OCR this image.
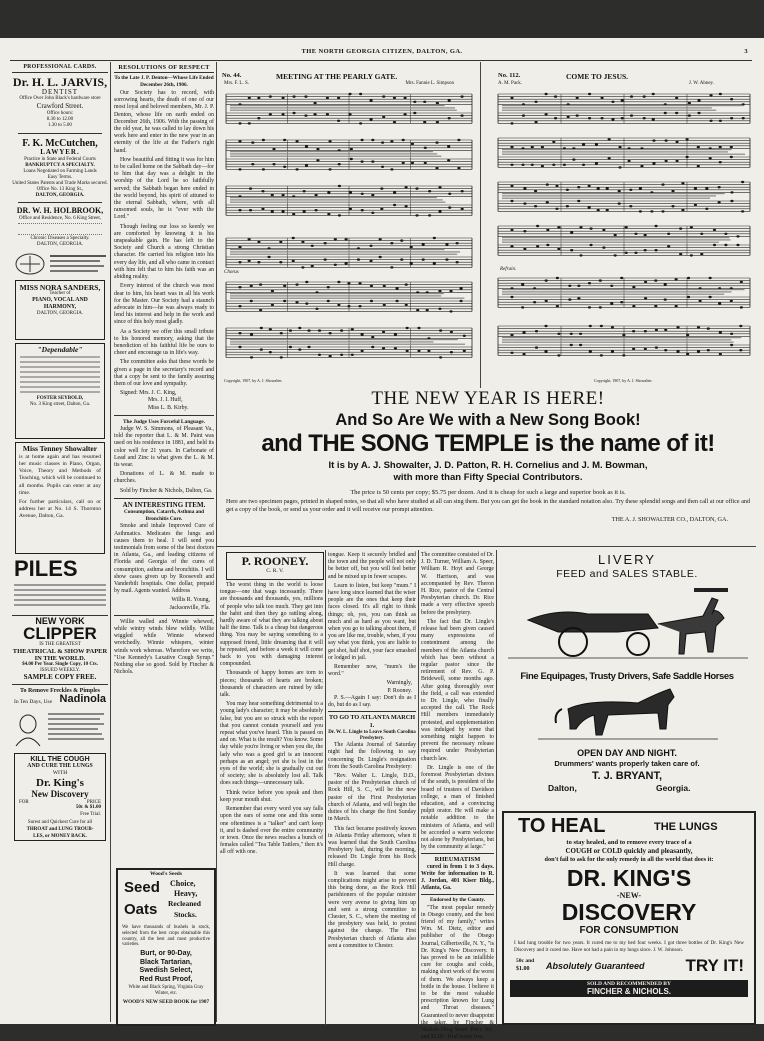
THE NORTH GEORGIA CITIZEN, DALTON, GA.	3
PROFESSIONAL CARDS.
Dr. H. L. JARVIS,
DENTIST
Office Over John Black's hardware store
Crawford Street.
Office hours:
8.30 to 12.00
1.30 to 5.00
F. K. McCutchen,
LAWYER.
Practice in State and Federal Courts
BANKRUPTCY A SPECIALTY.
Loans Negotiated on Farming Lands
Easy Terms.
United States Patents and Trade Marks secured.
Office No. 13 King St.,
DALTON, GEORGIA.
DR. W. H. HOLBROOK,
Office and Residence, No. 6 King Street,
Chronic Diseases a Specialty.
DALTON, GEORGIA.
MISS NORA SANDERS,
Teacher of
PIANO, VOCAL AND HARMONY,
DALTON, GEORGIA.
"Dependable"
FOSTER SEYBOLD,
No. 3 King street, Dalton, Ga.
Miss Tenney Showalter
is at home again and has resumed her music classes in Piano, Organ, Voice, Theory and Methods of Teaching, which will be continued to all months. Pupils can enter at any time.
For further particulars, call on or address her at No. 14 S. Thornton Avenue, Dalton, Ga.
PILES
NEW YORK
CLIPPER
IS THE GREATEST
THEATRICAL & SHOW PAPER
IN THE WORLD.
$4.00 Per Year. Single Copy, 10 Cts.
ISSUED WEEKLY.
SAMPLE COPY FREE.
To Remove Freckles & Pimples
In Ten Days, Use Nadinola
KILL THE COUGH
AND CURE THE LUNGS
WITH
Dr. King's
New Discovery
FOR	PRICE
50c & $1.00
Free Trial.
Surest and Quickest Cure for all
THROAT and LUNG TROUB-
LES, or MONEY BACK.
RESOLUTIONS OF RESPECT
To the Late J. P. Denton—Whose Life Ended December 26th, 1906.

Our Society has to record, with sorrowing hearts, the death of one of our most loyal and beloved members, Mr. J. P. Denton, whose life on earth ended on December 26th, 1906. With the passing of the old year, he was called to lay down his work here and enter in the new year in an eternity of the life at the Father's right hand.

How beautiful and fitting it was for him to be called home on the Sabbath day—for to him that day was a delight in the worship of the Lord he so faithfully served; the Sabbath began here ended in the world beyond, his spirit of attuned to the eternal Sabbath, where, with all ransomed souls, he is "ever with the Lord."

Though feeling our loss so keenly we are comforted by knowing it is his unspeakable gain. He has left to the Society and Church a strong Christian character. He carried his religion into his every day life, and all who came in contact with him felt that to him his faith was an abiding reality.

Every interest of the church was most dear to him, his heart was in all his work for the Master. Our Society had a staunch advocate in him—he was always ready to lend his interest and help in the work and since of this holy most gladly.

As a Society we offer this small tribute to his honored memory, asking that the benediction of his faithful life be ours to cheer and encourage us in life's way.

The committee asks that these words be given a page in the secretary's record and that a copy be sent to the family assuring them of our love and sympathy.

Signed: Mrs. J. C. King,
Mrs. J. I. Huff,
Miss L. B. Kirby.
The Judge Uses Forceful Language.

Judge W. S. Simmons, of Pleasant Va., told the reporter that L. & M. Paint was used on his residence in 1881, and held its color well for 21 years. In Carbonate of Lead and Zinc is what gives the L. & M. its wear.

Donations of L. & M. made to churches.

Sold by Fincher & Nichols, Dalton, Ga.

AN INTERESTING ITEM.
Consumption, Catarrh, Asthma and Bronchitis Cure.

Smoke and inhale Improved Cure of Asthmatics. Medicates the lungs and causes them to heal. I will send you testimonials from some of the best doctors in Atlanta, Ga., and leading citizens of Florida and Georgia of the cures of consumption, asthma and bronchitis. I will show cases given up by Roosevelt and Vanderbilt hospitals. One dollar, prepaid by mail. Agents wanted. Address

Willis R. Young,
Jacksonville, Fla.

Willie walled and Winnie whewed, while wintry winds blew wildly. Willie wiggled while Winnie whewed wretchedly. Winnie whispers, winter winds work whereas. Wherefore we write, "Use Kennedy's Laxative Cough Syrup." Nothing else so good. Sold by Fincher & Nichols.

Wood's Seeds
Seed Choice,
Heavy,
Recleaned
Oats Stocks.
We have thousands of bushels in stock, selected from the best crops obtainable this country, all the best and most productive varieties.
Burt, or 90-Day,
Black Tartarian,
Swedish Select,
Red Rust Proof,
White and Black Spring, Virginia Gray Winter, etc.
WOOD'S NEW SEED BOOK for 1907
No. 44.	MEETING AT THE PEARLY GATE.
Mrs. F. L. S.	Mrs. Fannie L. Simpson
Chorus
Copyright, 1907, by A. J. Showalter.
No. 112.	COME TO JESUS.
A. M. Pack.	J. W. Abney.
Refrain.
Copyright, 1907, by A. J. Showalter.
THE NEW YEAR IS HERE!
And So Are We with a New Song Book!
and THE SONG TEMPLE is the name of it!
It is by A. J. Showalter, J. D. Patton, R. H. Cornelius and J. M. Bowman,
with more than Fifty Special Contributors.
The price is 50 cents per copy; $5.75 per dozen. And it is cheap for such a large and superior book as it is.
Here are two specimen pages, printed in shaped notes, so that all who have studied at all can sing them. But you can get the book in the standard notation also. Try these splendid songs and then call at our office and get a copy of the book, or send us your order and it will receive our prompt attention.
THE A. J. SHOWALTER CO., DALTON, GA.
P. ROONEY.
C. R. V.

The worst thing in the world is loose tongue—one that wags incessantly. There are thousands and thousands, yes, millions of people who talk too much. They get into the habit and then they go rattling along, hardly aware of what they are talking about half the time. Talk is a cheap but dangerous thing. You may be saying something to a supposed friend, little dreaming that it will be repeated, and before a week it will come back to you with damaging interest compounded.

Thousands of happy homes are torn to pieces; thousands of hearts are broken; thousands of characters are ruined by idle talk.

You may hear something detrimental to a young lady's character; it may be absolutely false, but you are so struck with the report that you cannot contain yourself and you repeat what you've heard. This is passed on and on. What is the result? You know. Some day while you're living or when you die, the lady who was a good girl is an innocent perhaps as an angel; yet she is lost in the eyes of the world; she is gradually cut out of society; she is absolutely lost all. Talk does such things—unnecessary talk.

Think twice before you speak and then keep your mouth shut.

Remember that every word you say falls upon the ears of some one and this some one oftentimes is a "talker" and can't keep it, and is dashed over the entire community or town. Once the news reaches a bunch of females called "Tea Table Tattlers," then it's all off with one.

tongue. Keep it securely bridled and the town and the people will not only be better off, but you will feel better and be mixed up in fewer scrapes.

Learn to listen, but keep "mum." I have long since learned that the wiser people are the ones that keep their faces closed. It's all right to think things; oh, yes, you can think as much and as hard as you want, but when you go to talking about them, if you are like me, trouble, when, if you say what you think, you are liable to get shot, half shot, your face smashed or lodged in jail.

Remember now, "mum's the word."

Warningly,
P. Rooney.

P. S.—Again I say: Don't do as I do, but do as I say.

TO GO TO ATLANTA MARCH 1.
Dr. W. L. Lingle to Leave South Carolina Presbytery.

The Atlanta Journal of Saturday night had the following to say concerning Dr. Lingle's resignation from the South Carolina Presbytery:

"Rev. Walter L. Lingle, D.D., pastor of the Presbyterian church of Rock Hill, S. C., will be the new pastor of the First Presbyterian church of Atlanta, and will begin the duties of his charge the first Sunday in March.

This fact became positively known in Atlanta Friday afternoon, when it was learned that the South Carolina Presbytery had, during the morning, released Dr. Lingle from his Rock Hill charge.

It was learned that some complications might arise to prevent this being done, as the Rock Hill parishioners of the popular minister were very averse to giving him up and sent a strong committee to Chester, S. C., where the meeting of the presbytery was held, to protest against the change. The First Presbyterian church of Atlanta also sent a committee to Chester.

The committee consisted of Dr. J. D. Turner, William A. Speer, William R. Hoyt and George W. Harrison, and was accompanied by Rev. Theron H. Rice, pastor of the Central Presbyterian church. Dr. Rice made a very effective speech before the presbytery.

The fact that Dr. Lingle's release had been given caused many expressions of contentment among the members of the Atlanta church which has been without a regular pastor since the retirement of Rev. G. P. Bridewell, some months ago. After going thoroughly over the field, a call was extended to Dr. Lingle, who finally accepted the call. The Rock Hill members immediately protested, and supplementation was indulged by some that something might happen to prevent the necessary release required under Presbyterian church law.

Dr. Lingle is one of the foremost Presbyterian divines of the south, is president of the board of trustees of Davidson college, a man of finished education, and a convincing pulpit orator. He will make a notable addition to the ministers of Atlanta, and will be accorded a warm welcome not alone by Presbyterians, but by the community at large."

RHEUMATISM

cured in from 1 to 3 days. Write for information to R. J. Jordan, 401 Kiser Bldg., Atlanta, Ga.

Endorsed by the County.

"The most popular remedy in Otsego county, and the best friend of my family," writes Wm. M. Dietz, editor and publisher of the Otsego Journal, Gilbertsville, N. Y., "is Dr. King's New Discovery. It has proved to be an infallible cure for coughs and colds, making short work of the worst of them. We always keep a bottle in the house. I believe it to be the most valuable prescription known for Lung and Throat diseases." Guaranteed to never disappoint the taker, by Fincher & Nichols Drug Store. Price 50c. and $1.00. Trial bottle free.

LIVERY
FEED and SALES STABLE.
Fine Equipages, Trusty Drivers, Safe Saddle Horses
OPEN DAY AND NIGHT.
Drummers' wants properly taken care of.
T. J. BRYANT,
Dalton,	Georgia.
TO HEAL	THE LUNGS
to stay healed, and to remove every trace of a
COUGH or COLD quickly and pleasantly,
don't fail to ask for the only remedy in all the world that does it:
DR. KING'S
-NEW-
DISCOVERY
FOR CONSUMPTION
I had lung trouble for two years. It cured me to my bed four weeks. I got three bottles of Dr. King's New Discovery and it cured me. Have not had a pain in my lungs since. J. W. Johnson.
50c and
$1.00 Absolutely Guaranteed TRY IT!
SOLD AND RECOMMENDED BY
FINCHER & NICHOLS.
